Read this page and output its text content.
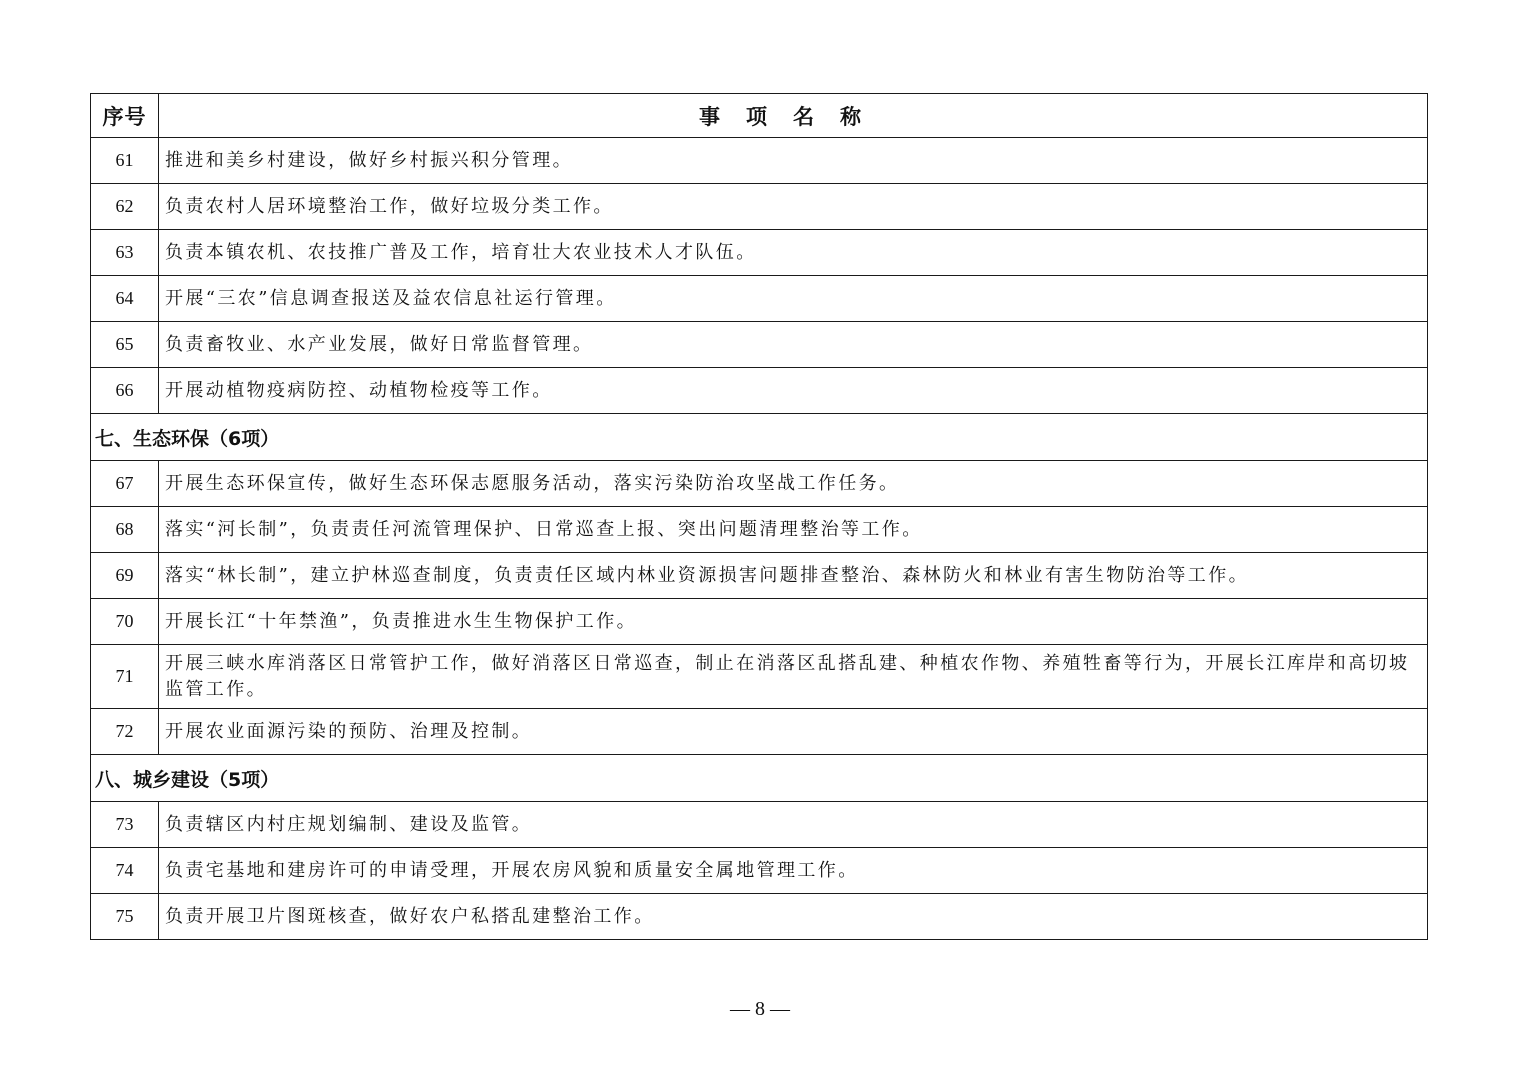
序号	事项名称
61	推进和美乡村建设，做好乡村振兴积分管理。
62	负责农村人居环境整治工作，做好垃圾分类工作。
63	负责本镇农机、农技推广普及工作，培育壮大农业技术人才队伍。
64	开展“三农”信息调查报送及益农信息社运行管理。
65	负责畜牧业、水产业发展，做好日常监督管理。
66	开展动植物疫病防控、动植物检疫等工作。
七、生态环保（6项）	
67	开展生态环保宣传，做好生态环保志愿服务活动，落实污染防治攻坚战工作任务。
68	落实“河长制”，负责责任河流管理保护、日常巡查上报、突出问题清理整治等工作。
69	落实“林长制”，建立护林巡查制度，负责责任区域内林业资源损害问题排查整治、森林防火和林业有害生物防治等工作。
70	开展长江“十年禁渔”，负责推进水生生物保护工作。
71	开展三峡水库消落区日常管护工作，做好消落区日常巡查，制止在消落区乱搭乱建、种植农作物、养殖牲畜等行为，开展长江库岸和高切坡监管工作。
72	开展农业面源污染的预防、治理及控制。
八、城乡建设（5项）	
73	负责辖区内村庄规划编制、建设及监管。
74	负责宅基地和建房许可的申请受理，开展农房风貌和质量安全属地管理工作。
75	负责开展卫片图斑核查，做好农户私搭乱建整治工作。
— 8 —
